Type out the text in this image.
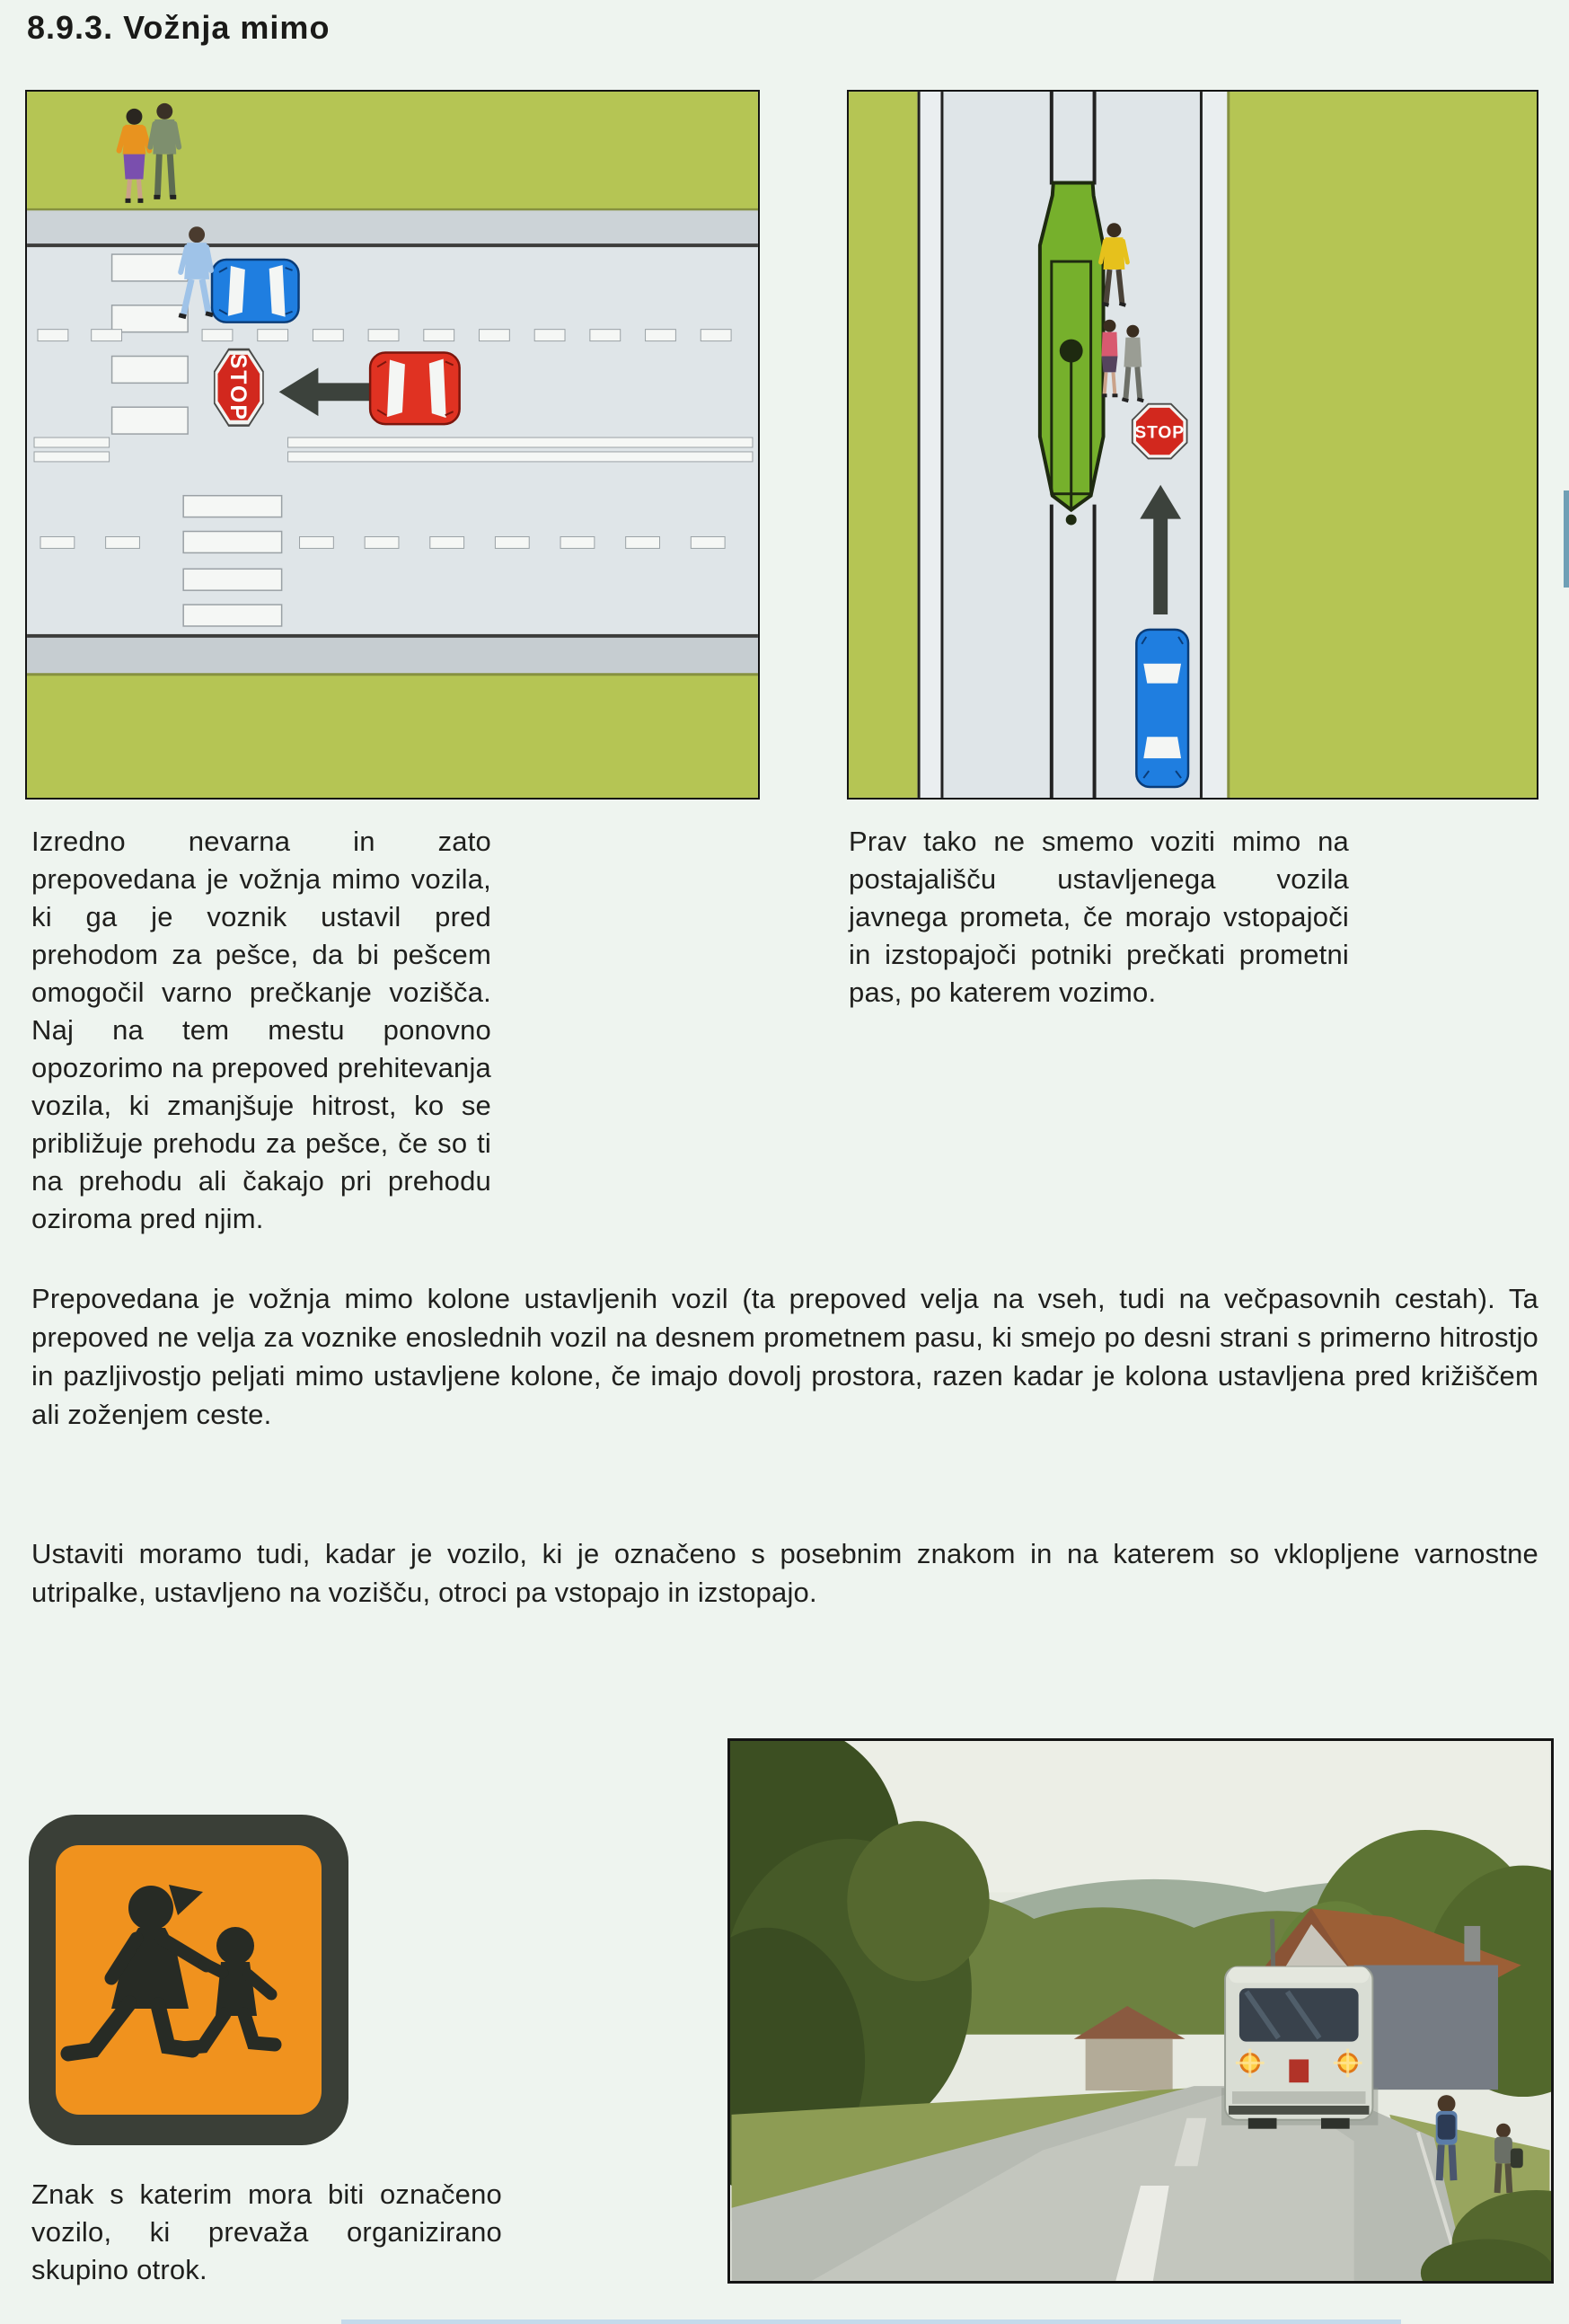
8.9.3. Vožnja mimo
STOP
STOP

Izredno nevarna in zato prepovedana je vožnja mimo vozila, ki ga je voznik ustavil pred prehodom za pešce, da bi pešcem omogočil varno prečkanje vozišča. Naj na tem mestu ponovno opozorimo na prepoved prehitevanja vozila, ki zmanjšuje hitrost, ko se približuje prehodu za pešce, če so ti na prehodu ali čakajo pri prehodu oziroma pred njim.

Prav tako ne smemo voziti mimo na postajališču ustavljenega vozila javnega prometa, če morajo vstopajoči in izstopajoči potniki prečkati prometni pas, po katerem vozimo.

Prepovedana je vožnja mimo kolone ustavljenih vozil (ta prepoved velja na vseh, tudi na večpasovnih cestah). Ta prepoved ne velja za voznike enoslednih vozil na desnem prometnem pasu, ki smejo po desni strani s primerno hitrostjo in pazljivostjo peljati mimo ustavljene kolone, če imajo dovolj prostora, razen kadar je kolona ustavljena pred križiščem ali zoženjem ceste.

Ustaviti moramo tudi, kadar je vozilo, ki je označeno s posebnim znakom in na katerem so vklopljene varnostne utripalke, ustavljeno na vozišču, otroci pa vstopajo in izstopajo.

Znak s katerim mora biti označeno vozilo, ki prevaža organizirano skupino otrok.
